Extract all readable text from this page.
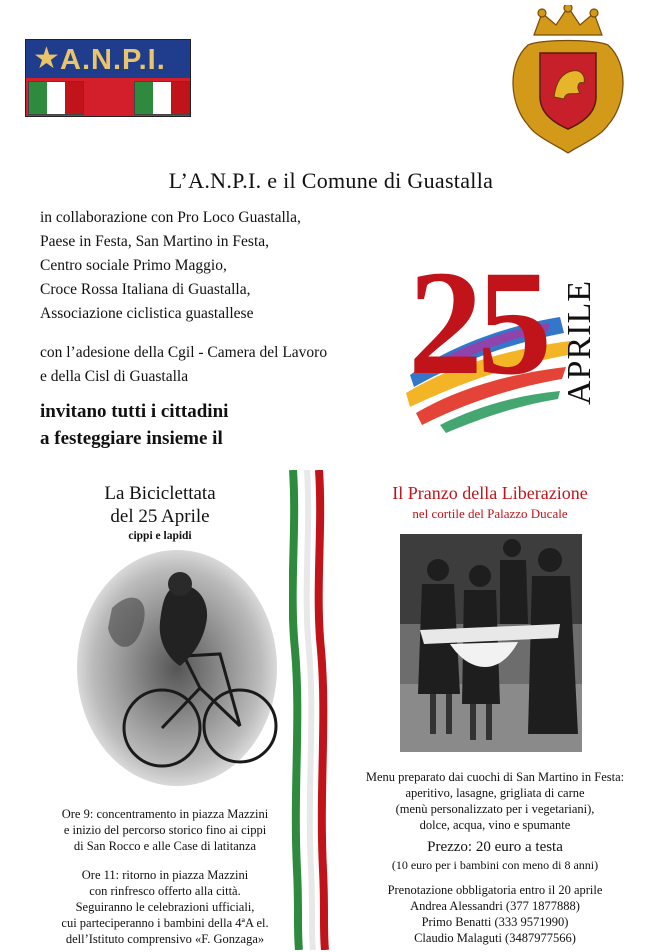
★ A.N.P.I.
L’A.N.P.I. e il Comune di Guastalla
in collaborazione con Pro Loco Guastalla,
Paese in Festa, San Martino in Festa,
Centro sociale Primo Maggio,
Croce Rossa Italiana di Guastalla,
Associazione ciclistica guastallese
con l’adesione della Cgil - Camera del Lavoro
e della Cisl di Guastalla
invitano tutti i cittadini
a festeggiare insieme il
25 APRILE
La Biciclettata
del 25 Aprile
cippi e lapidi
Ore 9: concentramento in piazza Mazzini
e inizio del percorso storico fino ai cippi
di San Rocco e alle Case di latitanza
Ore 11: ritorno in piazza Mazzini
con rinfresco offerto alla città.
Seguiranno le celebrazioni ufficiali,
cui parteciperanno i bambini della 4ªA el.
dell’Istituto comprensivo «F. Gonzaga»
Il Pranzo della Liberazione
nel cortile del Palazzo Ducale
Menu preparato dai cuochi di San Martino in Festa:
aperitivo, lasagne, grigliata di carne
(menù personalizzato per i vegetariani),
dolce, acqua, vino e spumante
Prezzo: 20 euro a testa
(10 euro per i bambini con meno di 8 anni)
Prenotazione obbligatoria entro il 20 aprile
Andrea Alessandri (377 1877888)
Primo Benatti (333 9571990)
Claudio Malaguti (3487977566)
